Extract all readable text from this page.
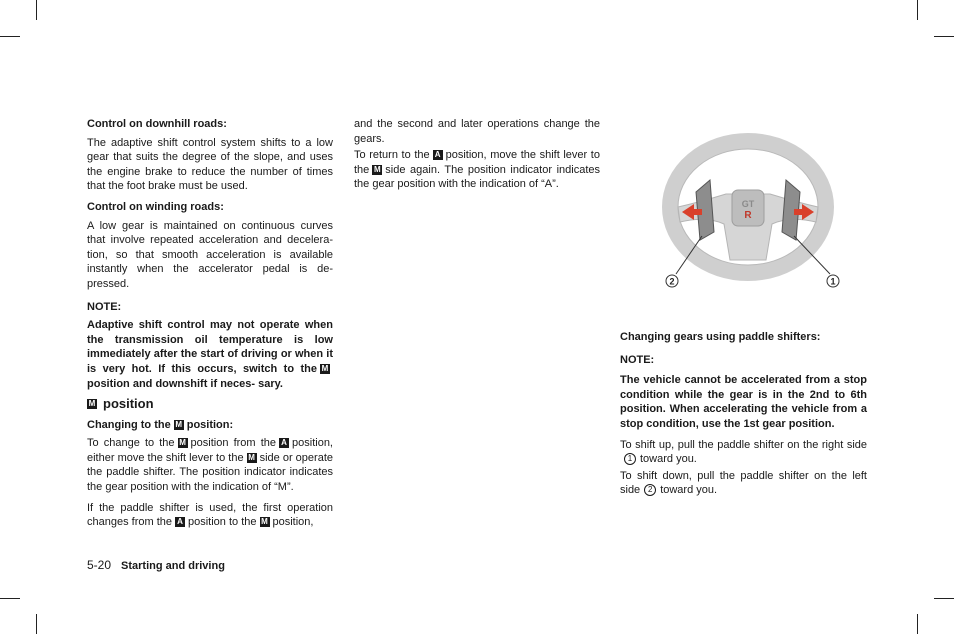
Control on downhill roads:

The adaptive shift control system shifts to a low gear that suits the degree of the slope, and uses the engine brake to reduce the number of times that the foot brake must be used.

Control on winding roads:

A low gear is maintained on continuous curves that involve repeated acceleration and decelera- tion, so that smooth acceleration is available instantly when the accelerator pedal is de- pressed.

NOTE:

Adaptive shift control may not operate when the transmission oil temperature is low immediately after the start of driving or when it is very hot. If this occurs, switch to the Mposition and downshift if neces- sary.

M position
Changing to the M position:

To change to the M position from the A position, either move the shift lever to the M side or operate the paddle shifter. The position indicator indicates the gear position with the indication of “M”.

If the paddle shifter is used, the first operation changes from the A position to the M position,

and the second and later operations change the gears.

To return to the A position, move the shift lever to the M side again. The position indicator indicates the gear position with the indication of “A”.

GT
R
2	1
Changing gears using paddle shifters:
NOTE:

The vehicle cannot be accelerated from a stop condition while the gear is in the 2nd to 6th position. When accelerating the vehicle from a stop condition, use the 1st gear position.

To shift up, pull the paddle shifter on the right side1 toward you.

To shift down, pull the paddle shifter on the left side 2 toward you.

5-20 Starting and driving
